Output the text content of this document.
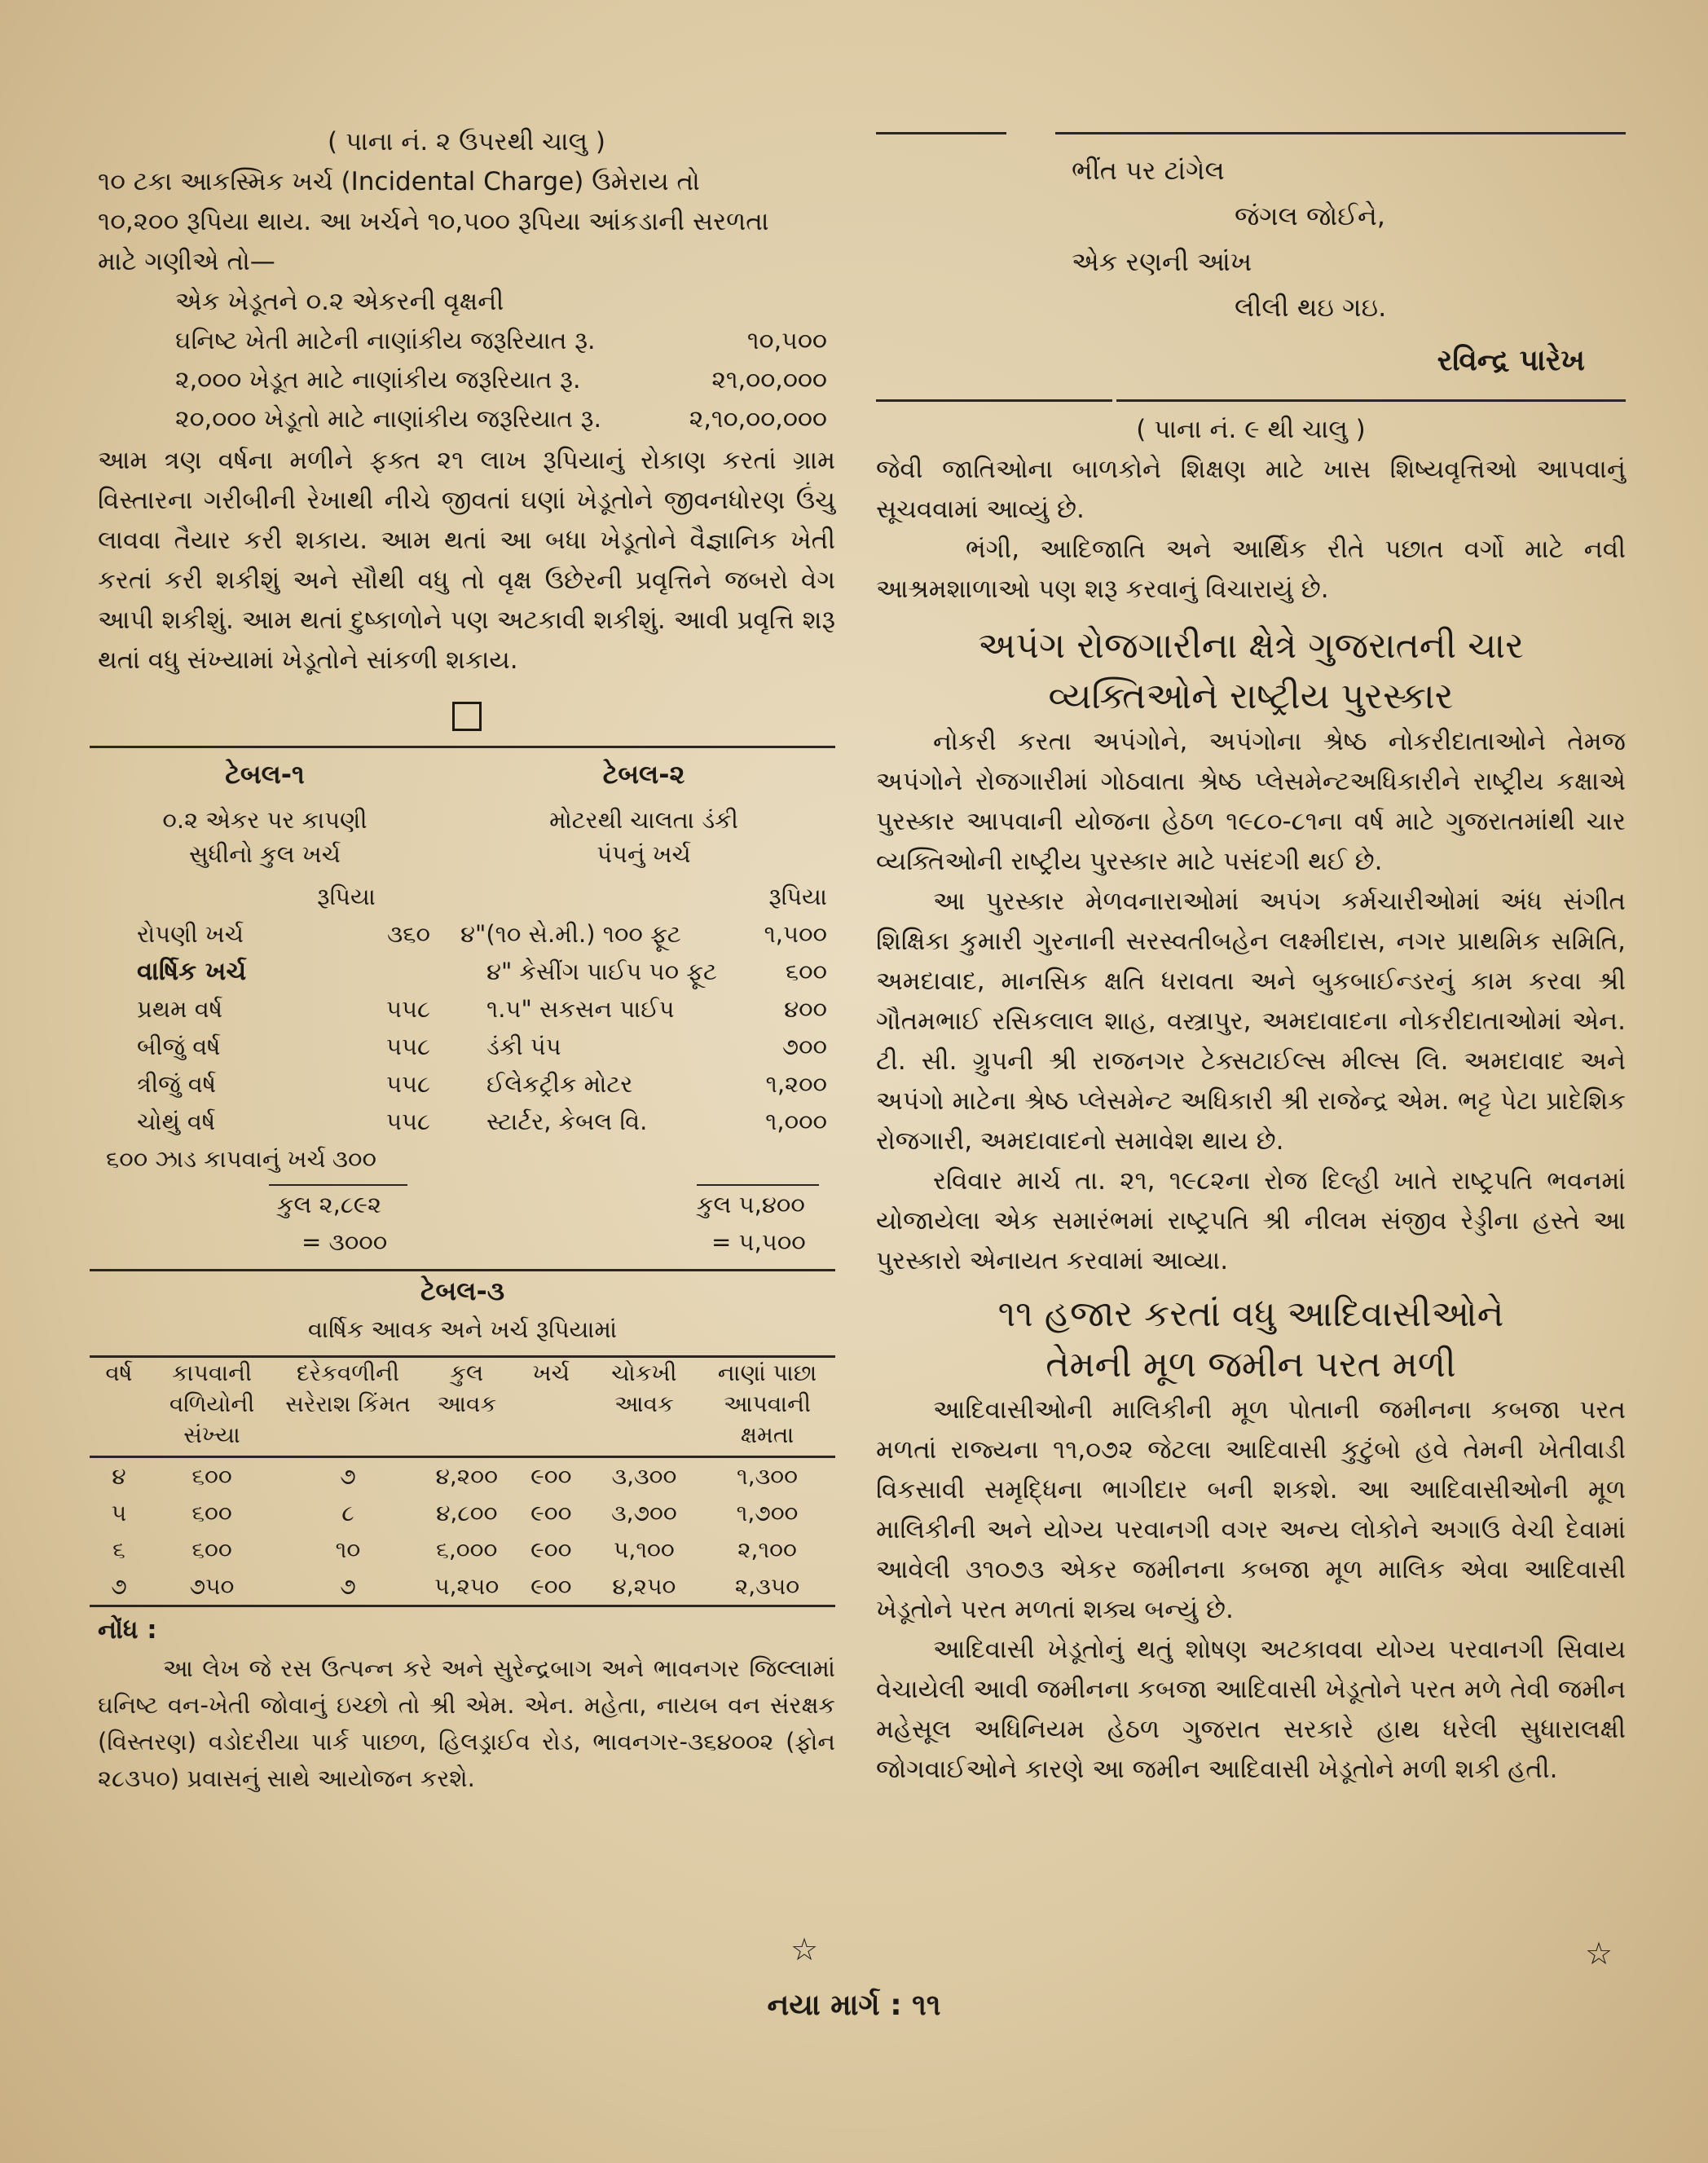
( પાના નં. ૨ ઉપરથી ચાલુ )

૧૦ ટકા આકસ્મિક ખર્ચ (Incidental Charge) ઉમેરાય તો

૧૦,૨૦૦ રૂપિયા થાય. આ ખર્ચને ૧૦,૫૦૦ રૂપિયા આંકડાની સરળતા

માટે ગણીએ તો—

એક ખેડૂતને ૦.૨ એકરની વૃક્ષની

ઘનિષ્ટ ખેતી માટેની નાણાંકીય જરૂરિયાત રૂ.	૧૦,૫૦૦
૨,૦૦૦ ખેડૂત માટે નાણાંકીય જરૂરિયાત રૂ.	૨૧,૦૦,૦૦૦
૨૦,૦૦૦ ખેડૂતો માટે નાણાંકીય જરૂરિયાત રૂ.	૨,૧૦,૦૦,૦૦૦

આમ ત્રણ વર્ષના મળીને ફક્ત ૨૧ લાખ રૂપિયાનું રોકાણ કરતાં ગ્રામ વિસ્તારના ગરીબીની રેખાથી નીચે જીવતાં ઘણાં ખેડૂતોને જીવનધોરણ ઉંચુ લાવવા તૈયાર કરી શકાય. આમ થતાં આ બધા ખેડૂતોને વૈજ્ઞાનિક ખેતી કરતાં કરી શકીશું અને સૌથી વધુ તો વૃક્ષ ઉછેરની પ્રવૃત્તિને જબરો વેગ આપી શકીશું. આમ થતાં દુષ્કાળોને પણ અટકાવી શકીશું. આવી પ્રવૃત્તિ શરૂ થતાં વધુ સંખ્યામાં ખેડૂતોને સાંકળી શકાય.

ટેબલ-૧

૦.૨ એકર પર કાપણી

સુધીનો કુલ ખર્ચ

રૂપિયા

રોપણી ખર્ચ	૩૬૦
વાર્ષિક ખર્ચ
પ્રથમ વર્ષ	૫૫૮
બીજું વર્ષ	૫૫૮
ત્રીજું વર્ષ	૫૫૮
ચોથું વર્ષ	૫૫૮
૬૦૦ ઝાડ કાપવાનું ખર્ચ ૩૦૦

કુલ ૨,૮૯૨

= ૩૦૦૦

ટેબલ-૨

મોટરથી ચાલતા ડંકી

પંપનું ખર્ચ

રૂપિયા

૪"(૧૦ સે.મી.) ૧૦૦ ફૂટ	૧,૫૦૦
૪" કેસીંગ પાઈપ ૫૦ ફૂટ	૬૦૦
૧.૫" સકસન પાઈપ	૪૦૦
ડંકી પંપ	૭૦૦
ઈલેકટ્રીક મોટર	૧,૨૦૦
સ્ટાર્ટર, કેબલ વિ.	૧,૦૦૦

કુલ ૫,૪૦૦

= ૫,૫૦૦

ટેબલ-૩

વાર્ષિક આવક અને ખર્ચ રૂપિયામાં

વર્ષ	કાપવાની વળિયોની સંખ્યા	દરેકવળીની સરેરાશ કિંમત	કુલ આવક	ખર્ચ	ચોકખી આવક	નાણાં પાછા આપવાની ક્ષમતા
૪	૬૦૦	૭	૪,૨૦૦	૯૦૦	૩,૩૦૦	૧,૩૦૦
૫	૬૦૦	૮	૪,૮૦૦	૯૦૦	૩,૭૦૦	૧,૭૦૦
૬	૬૦૦	૧૦	૬,૦૦૦	૯૦૦	૫,૧૦૦	૨,૧૦૦
૭	૭૫૦	૭	૫,૨૫૦	૯૦૦	૪,૨૫૦	૨,૩૫૦

નોંધ :

આ લેખ જે રસ ઉત્પન્ન કરે અને સુરેન્દ્રબાગ અને ભાવનગર જિલ્લામાં ઘનિષ્ટ વન-ખેતી જોવાનું ઇચ્છો તો શ્રી એમ. એન. મહેતા, નાયબ વન સંરક્ષક (વિસ્તરણ) વડોદરીયા પાર્ક પાછળ, હિલડ્રાઈવ રોડ, ભાવનગર-૩૬૪૦૦૨ (ફોન ૨૮૩૫૦) પ્રવાસનું સાથે આયોજન કરશે.

☆

ભીંત પર ટાંગેલ

જંગલ જોઈને,

એક રણની આંખ

લીલી થઇ ગઇ.

રવિન્દ્ર પારેખ

( પાના નં. ૯ થી ચાલુ )

જેવી જાતિઓના બાળકોને શિક્ષણ માટે ખાસ શિષ્યવૃત્તિઓ આપવાનું સૂચવવામાં આવ્યું છે.

ભંગી, આદિજાતિ અને આર્થિક રીતે પછાત વર્ગો માટે નવી આશ્રમશાળાઓ પણ શરૂ કરવાનું વિચારાયું છે.

અપંગ રોજગારીના ક્ષેત્રે ગુજરાતની ચાર

વ્યક્તિઓને રાષ્ટ્રીય પુરસ્કાર

નોકરી કરતા અપંગોને, અપંગોના શ્રેષ્ઠ નોકરીદાતાઓને તેમજ અપંગોને રોજગારીમાં ગોઠવાતા શ્રેષ્ઠ પ્લેસમેન્ટઅધિકારીને રાષ્ટ્રીય કક્ષાએ પુરસ્કાર આપવાની યોજના હેઠળ ૧૯૮૦-૮૧ના વર્ષ માટે ગુજરાતમાંથી ચાર વ્યક્તિઓની રાષ્ટ્રીય પુરસ્કાર માટે પસંદગી થઈ છે.

આ પુરસ્કાર મેળવનારાઓમાં અપંગ કર્મચારીઓમાં અંધ સંગીત શિક્ષિકા કુમારી ગુરનાની સરસ્વતીબહેન લક્ષ્મીદાસ, નગર પ્રાથમિક સમિતિ, અમદાવાદ, માનસિક ક્ષતિ ધરાવતા અને બુકબાઈન્ડરનું કામ કરવા શ્રી ગૌતમભાઈ રસિકલાલ શાહ, વસ્ત્રાપુર, અમદાવાદના નોકરીદાતાઓમાં એન. ટી. સી. ગ્રુપની શ્રી રાજનગર ટેક્સટાઈલ્સ મીલ્સ લિ. અમદાવાદ અને અપંગો માટેના શ્રેષ્ઠ પ્લેસમેન્ટ અધિકારી શ્રી રાજેન્દ્ર એમ. ભટ્ટ પેટા પ્રાદેશિક રોજગારી, અમદાવાદનો સમાવેશ થાય છે.

રવિવાર માર્ચ તા. ૨૧, ૧૯૮૨ના રોજ દિલ્હી ખાતે રાષ્ટ્રપતિ ભવનમાં યોજાયેલા એક સમારંભમાં રાષ્ટ્રપતિ શ્રી નીલમ સંજીવ રેડ્ડીના હસ્તે આ પુરસ્કારો એનાયત કરવામાં આવ્યા.

૧૧ હજાર કરતાં વધુ આદિવાસીઓને

તેમની મૂળ જમીન પરત મળી

આદિવાસીઓની માલિકીની મૂળ પોતાની જમીનના કબજા પરત મળતાં રાજ્યના ૧૧,૦૭૨ જેટલા આદિવાસી કુટુંબો હવે તેમની ખેતીવાડી વિકસાવી સમૃદ્ધિના ભાગીદાર બની શકશે. આ આદિવાસીઓની મૂળ માલિકીની અને યોગ્ય પરવાનગી વગર અન્ય લોકોને અગાઉ વેચી દેવામાં આવેલી ૩૧૦૭૩ એકર જમીનના કબજા મૂળ માલિક એવા આદિવાસી ખેડૂતોને પરત મળતાં શક્ય બન્યું છે.

આદિવાસી ખેડૂતોનું થતું શોષણ અટકાવવા યોગ્ય પરવાનગી સિવાય વેચાયેલી આવી જમીનના કબજા આદિવાસી ખેડૂતોને પરત મળે તેવી જમીન મહેસૂલ અધિનિયમ હેઠળ ગુજરાત સરકારે હાથ ધરેલી સુધારાલક્ષી જોગવાઈઓને કારણે આ જમીન આદિવાસી ખેડૂતોને મળી શકી હતી.

☆

નયા માર્ગ : ૧૧
